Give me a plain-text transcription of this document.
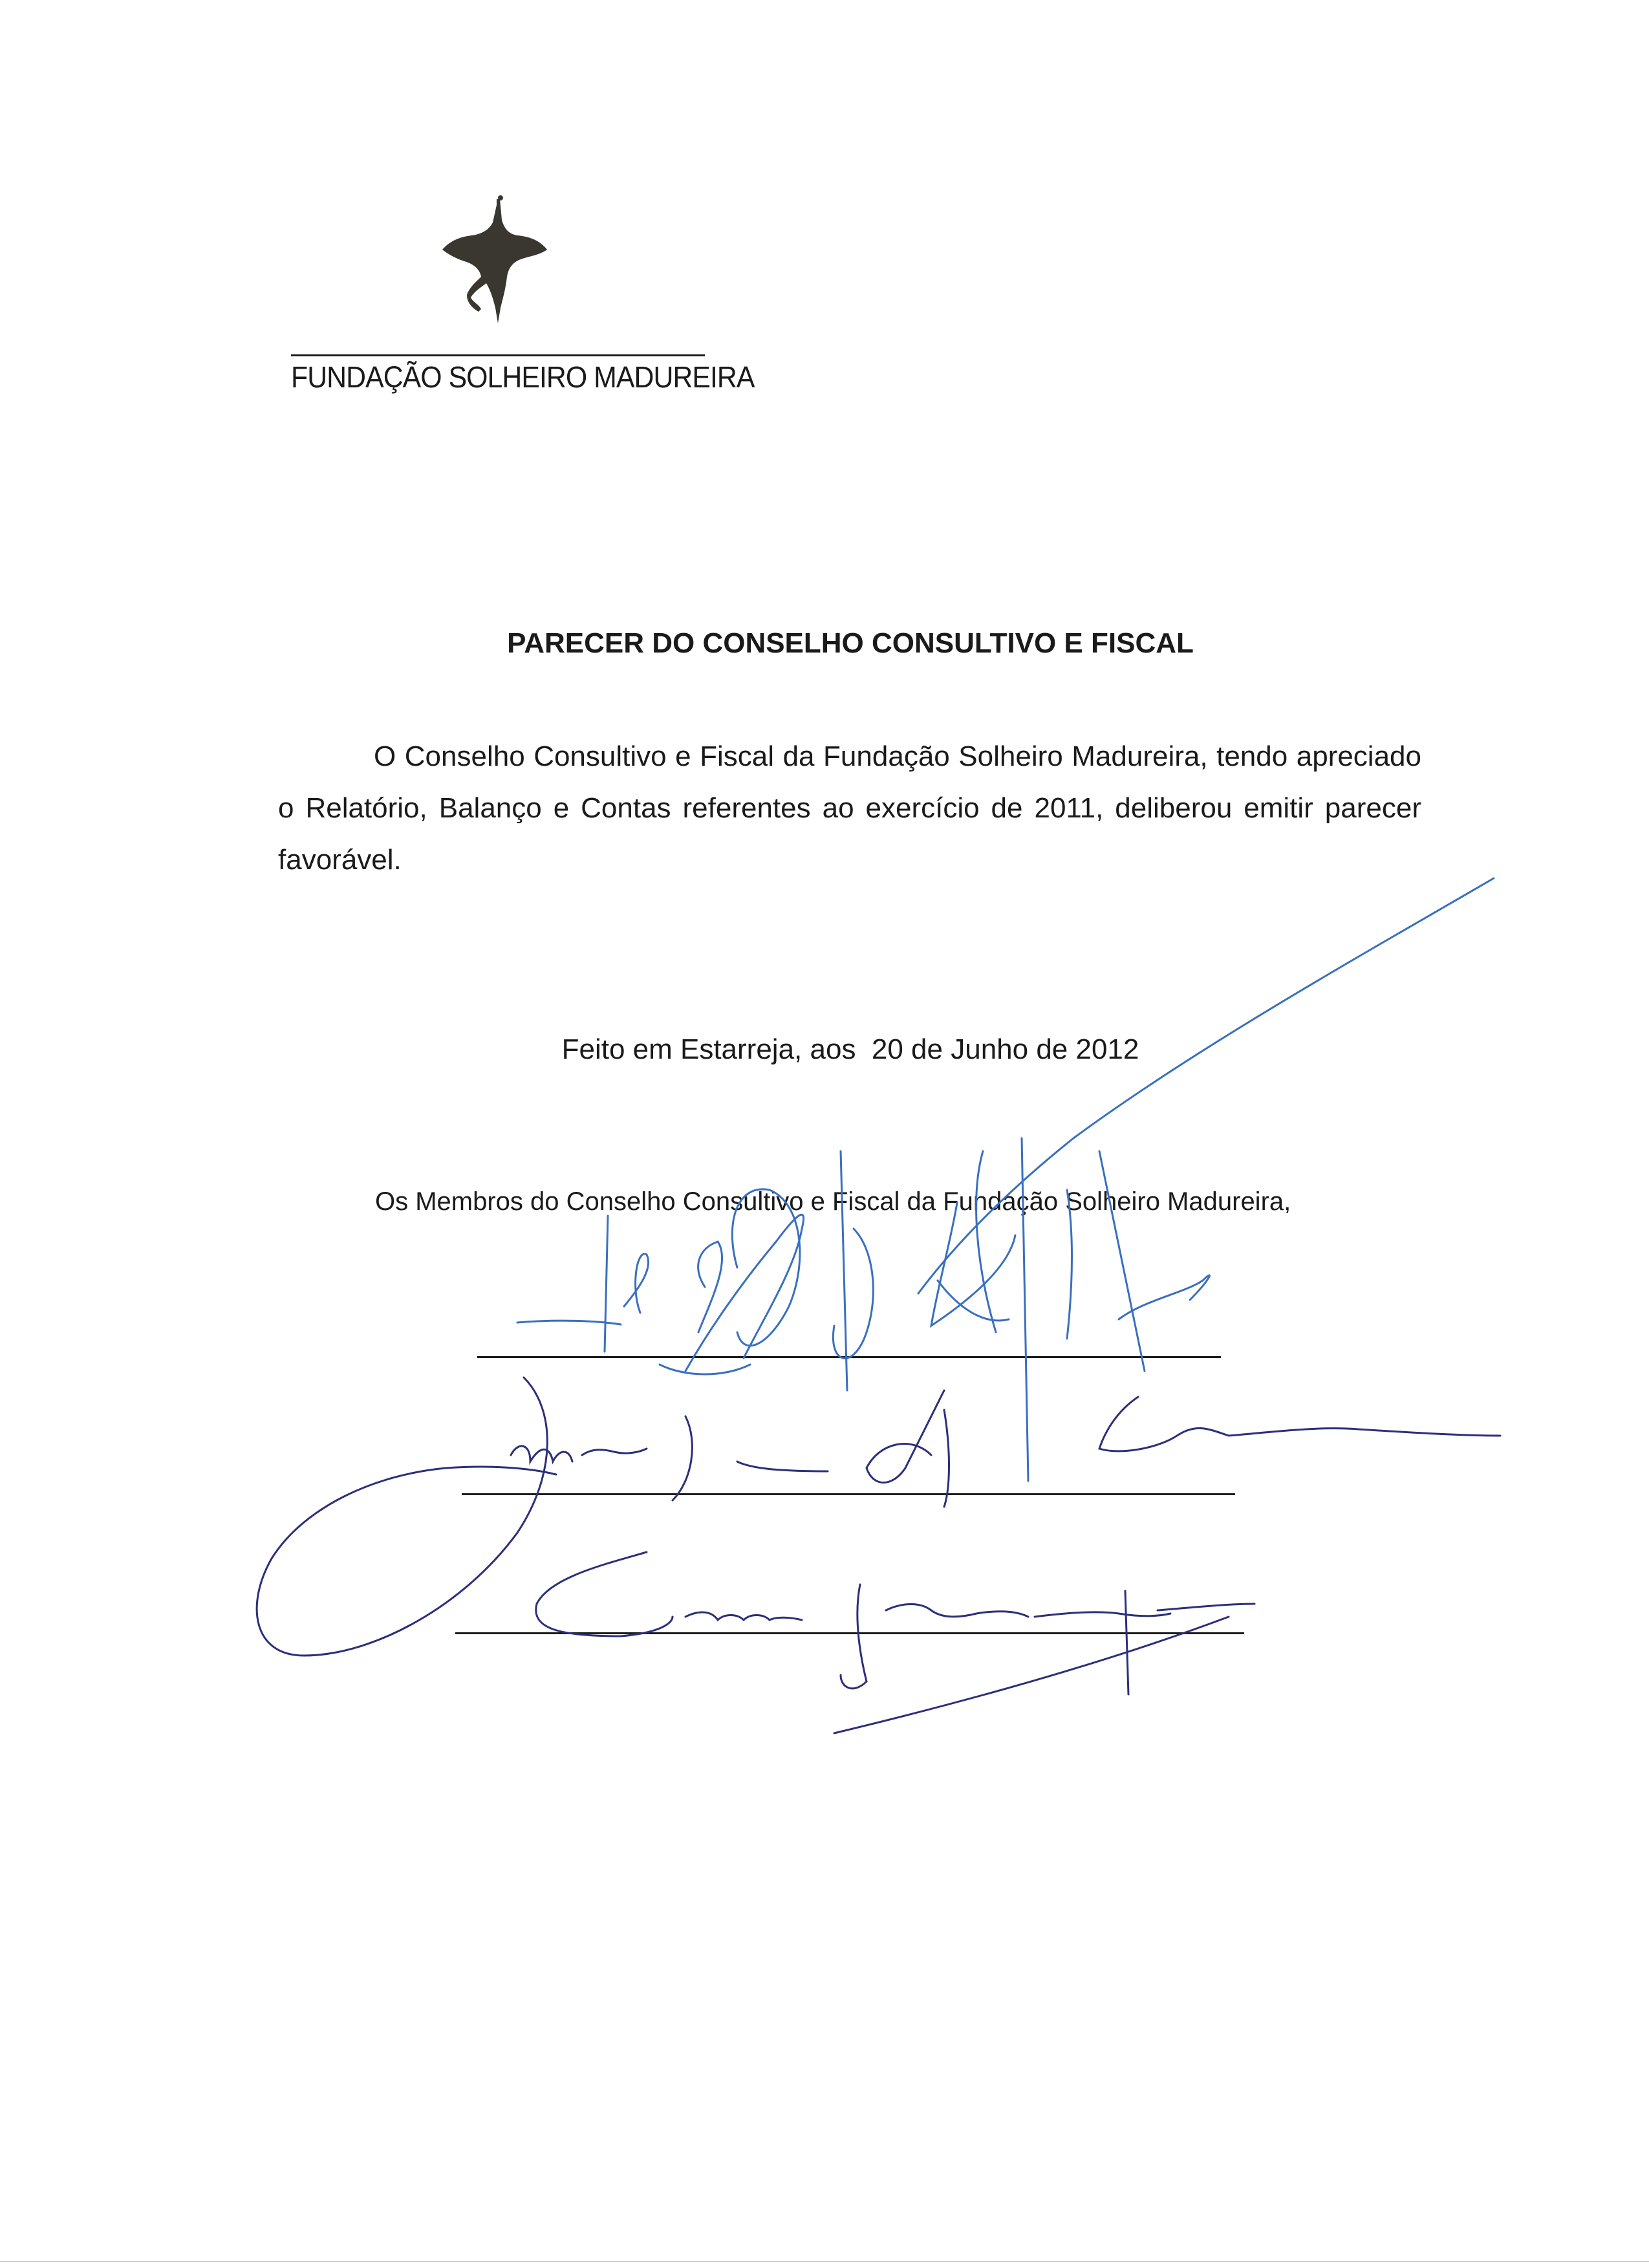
FUNDAÇÃO SOLHEIRO MADUREIRA
PARECER DO CONSELHO CONSULTIVO E FISCAL

O Conselho Consultivo e Fiscal da Fundação Solheiro Madureira, tendo apreciado o Relatório, Balanço e Contas referentes ao exercício de 2011, deliberou emitir parecer favorável.

Feito em Estarreja, aos  20 de Junho de 2012
Os Membros do Conselho Consultivo e Fiscal da Fundação Solheiro Madureira,
